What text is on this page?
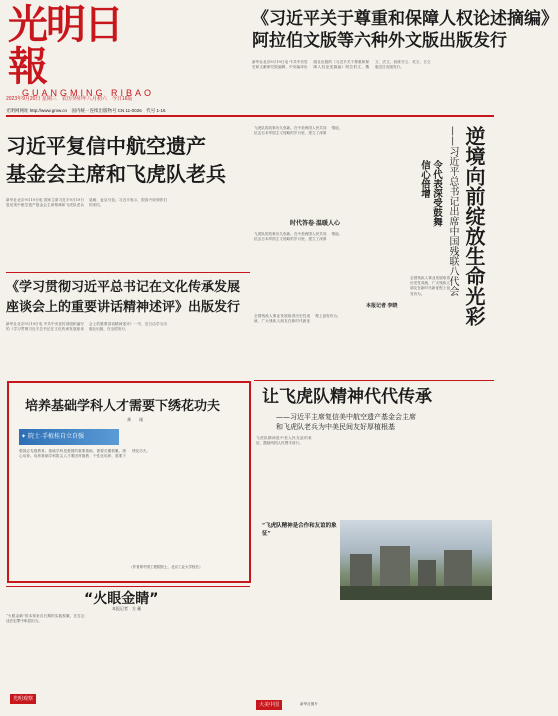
光明日報
GUANGMING RIBAO
2023年9月20日 星期三　农历癸卯年八月初六　今日16版
光明网网址 http://www.gmw.cn　国内统一连续出版物号 CN 11-0026　代号 1-16
《习近平关于尊重和保障人权论述摘编》
阿拉伯文版等六种外文版出版发行
新华社北京9月19日电 中共中央党史和文献研究院编辑、中央编译出版社出版的《习近平关于尊重和保障人权论述摘编》阿拉伯文、俄文、法文、西班牙文、英文、日文版近日出版发行。
习近平复信中航空遗产
基金会主席和飞虎队老兵
新华社北京9月19日电 国家主席习近平9月19日复信美中航空遗产基金会主席格林和飞虎队老兵莫耐、麦克马伦。习近平表示，很高兴收到你们的来信。
飞虎队的故事历久弥新。在中美两国人民共同抗击日本军国主义侵略的岁月里，建立了深厚情谊。
时代答卷·温暖人心
飞虎队的故事历久弥新。在中美两国人民共同抗击日本军国主义侵略的岁月里，建立了深厚情谊。	逆境向前绽放生命光彩
——习近平总书记出席中国残联八代会
令代表深受鼓舞
信心倍增
全国残疾人事业发展取得历史性成就，广大残疾人朋友在新时代新征程上奋发有为。
本报记者 李晓
《学习贯彻习近平总书记在文化传承发展
座谈会上的重要讲话精神述评》出版发行
新华社北京9月19日电 中共中央宣传部组织编写的《学习贯彻习近平总书记在文化传承发展座谈会上的重要讲话精神述评》一书，近日由学习出版社出版，在全国发行。
全国残疾人事业发展取得历史性成就，广大残疾人朋友在新时代新征程上奋发有为。
培养基础学科人才需要下绣花功夫
龚　　刚
✦ 院士·手植桂自立自强
强国必先强教育。基础学科是强国的重要基础，需要长期积累，细心培育。培养基础学科拔尖人才要因材施教、个性化培养，需要下绣花功夫。
（作者系中国工程院院士，北京工业大学校长）
让飞虎队精神代代传承
——习近平主席复信美中航空遗产基金会主席
和飞虎队老兵为中美民间友好厚植根基
飞虎队精神是中美人民友谊的象征，激励两国人民携手前行。
“飞虎队精神是合作和友谊的象征”
“火眼金睛”
本报记者　方 藏
“火眼金睛”的本领来自长期的实践积累，在打击违法犯罪中彰显担当。
光明观察
大美中国	新华社图片
